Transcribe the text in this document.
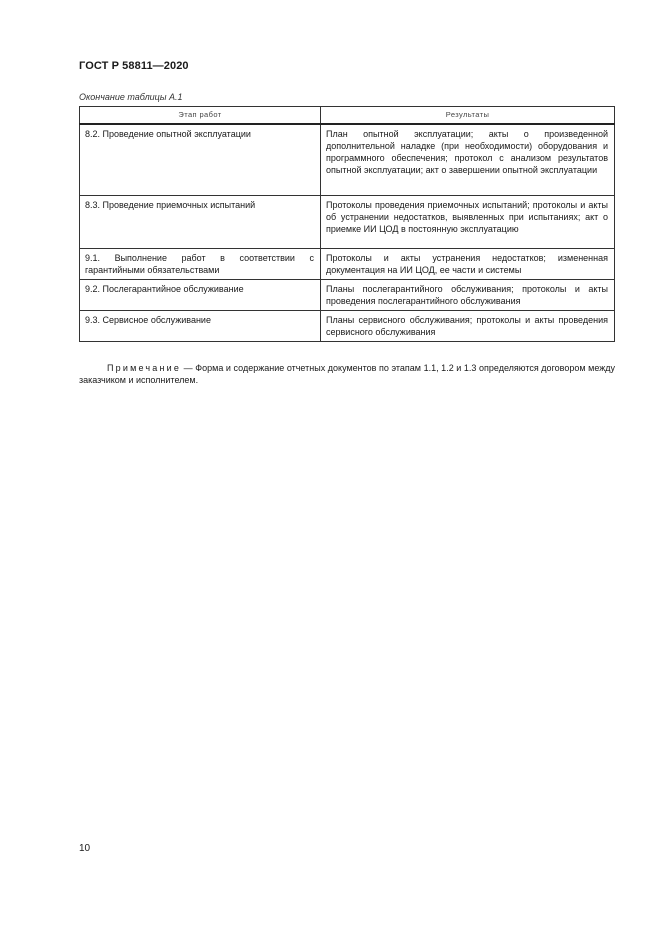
ГОСТ Р 58811—2020
Окончание таблицы А.1
Этап работ	Результаты
8.2. Проведение опытной эксплуатации	План опытной эксплуатации; акты о произведенной дополнительной наладке (при необходимости) оборудования и программного обеспечения; протокол с анализом результатов опытной эксплуатации; акт о завершении опытной эксплуатации
8.3. Проведение приемочных испытаний	Протоколы проведения приемочных испытаний; протоколы и акты об устранении недостатков, выявленных при испытаниях; акт о приемке ИИ ЦОД в постоянную эксплуатацию
9.1. Выполнение работ в соответствии с гарантийными обязательствами	Протоколы и акты устранения недостатков; измененная документация на ИИ ЦОД, ее части и системы
9.2. Послегарантийное обслуживание	Планы послегарантийного обслуживания; протоколы и акты проведения послегарантийного обслуживания
9.3. Сервисное обслуживание	Планы сервисного обслуживания; протоколы и акты проведения сервисного обслуживания
Примечание — Форма и содержание отчетных документов по этапам 1.1, 1.2 и 1.3 определяются договором между заказчиком и исполнителем.
10
